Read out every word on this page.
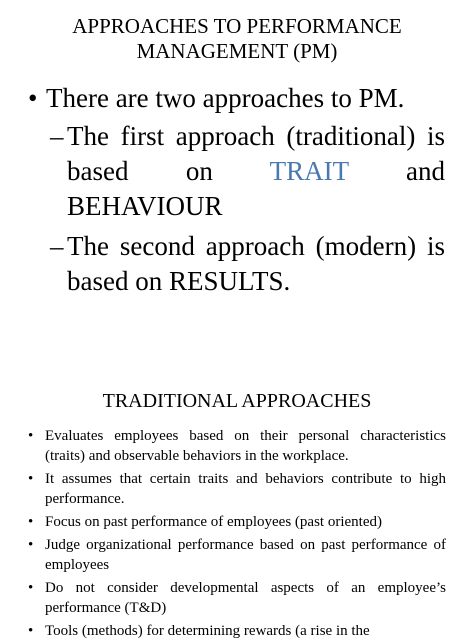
APPROACHES TO PERFORMANCE
MANAGEMENT (PM)
• There are two approaches to PM.
– The first approach (traditional) is based on TRAIT and BEHAVIOUR
– The second approach (modern) is based on RESULTS.
TRADITIONAL APPROACHES
• Evaluates employees based on their personal characteristics (traits) and observable behaviors in the workplace.
• It assumes that certain traits and behaviors contribute to high performance.
• Focus on past performance of employees (past oriented)
• Judge organizational performance based on past performance of employees
• Do not consider developmental aspects of an employee’s performance (T&D)
• Tools (methods) for determining rewards (a rise in the
